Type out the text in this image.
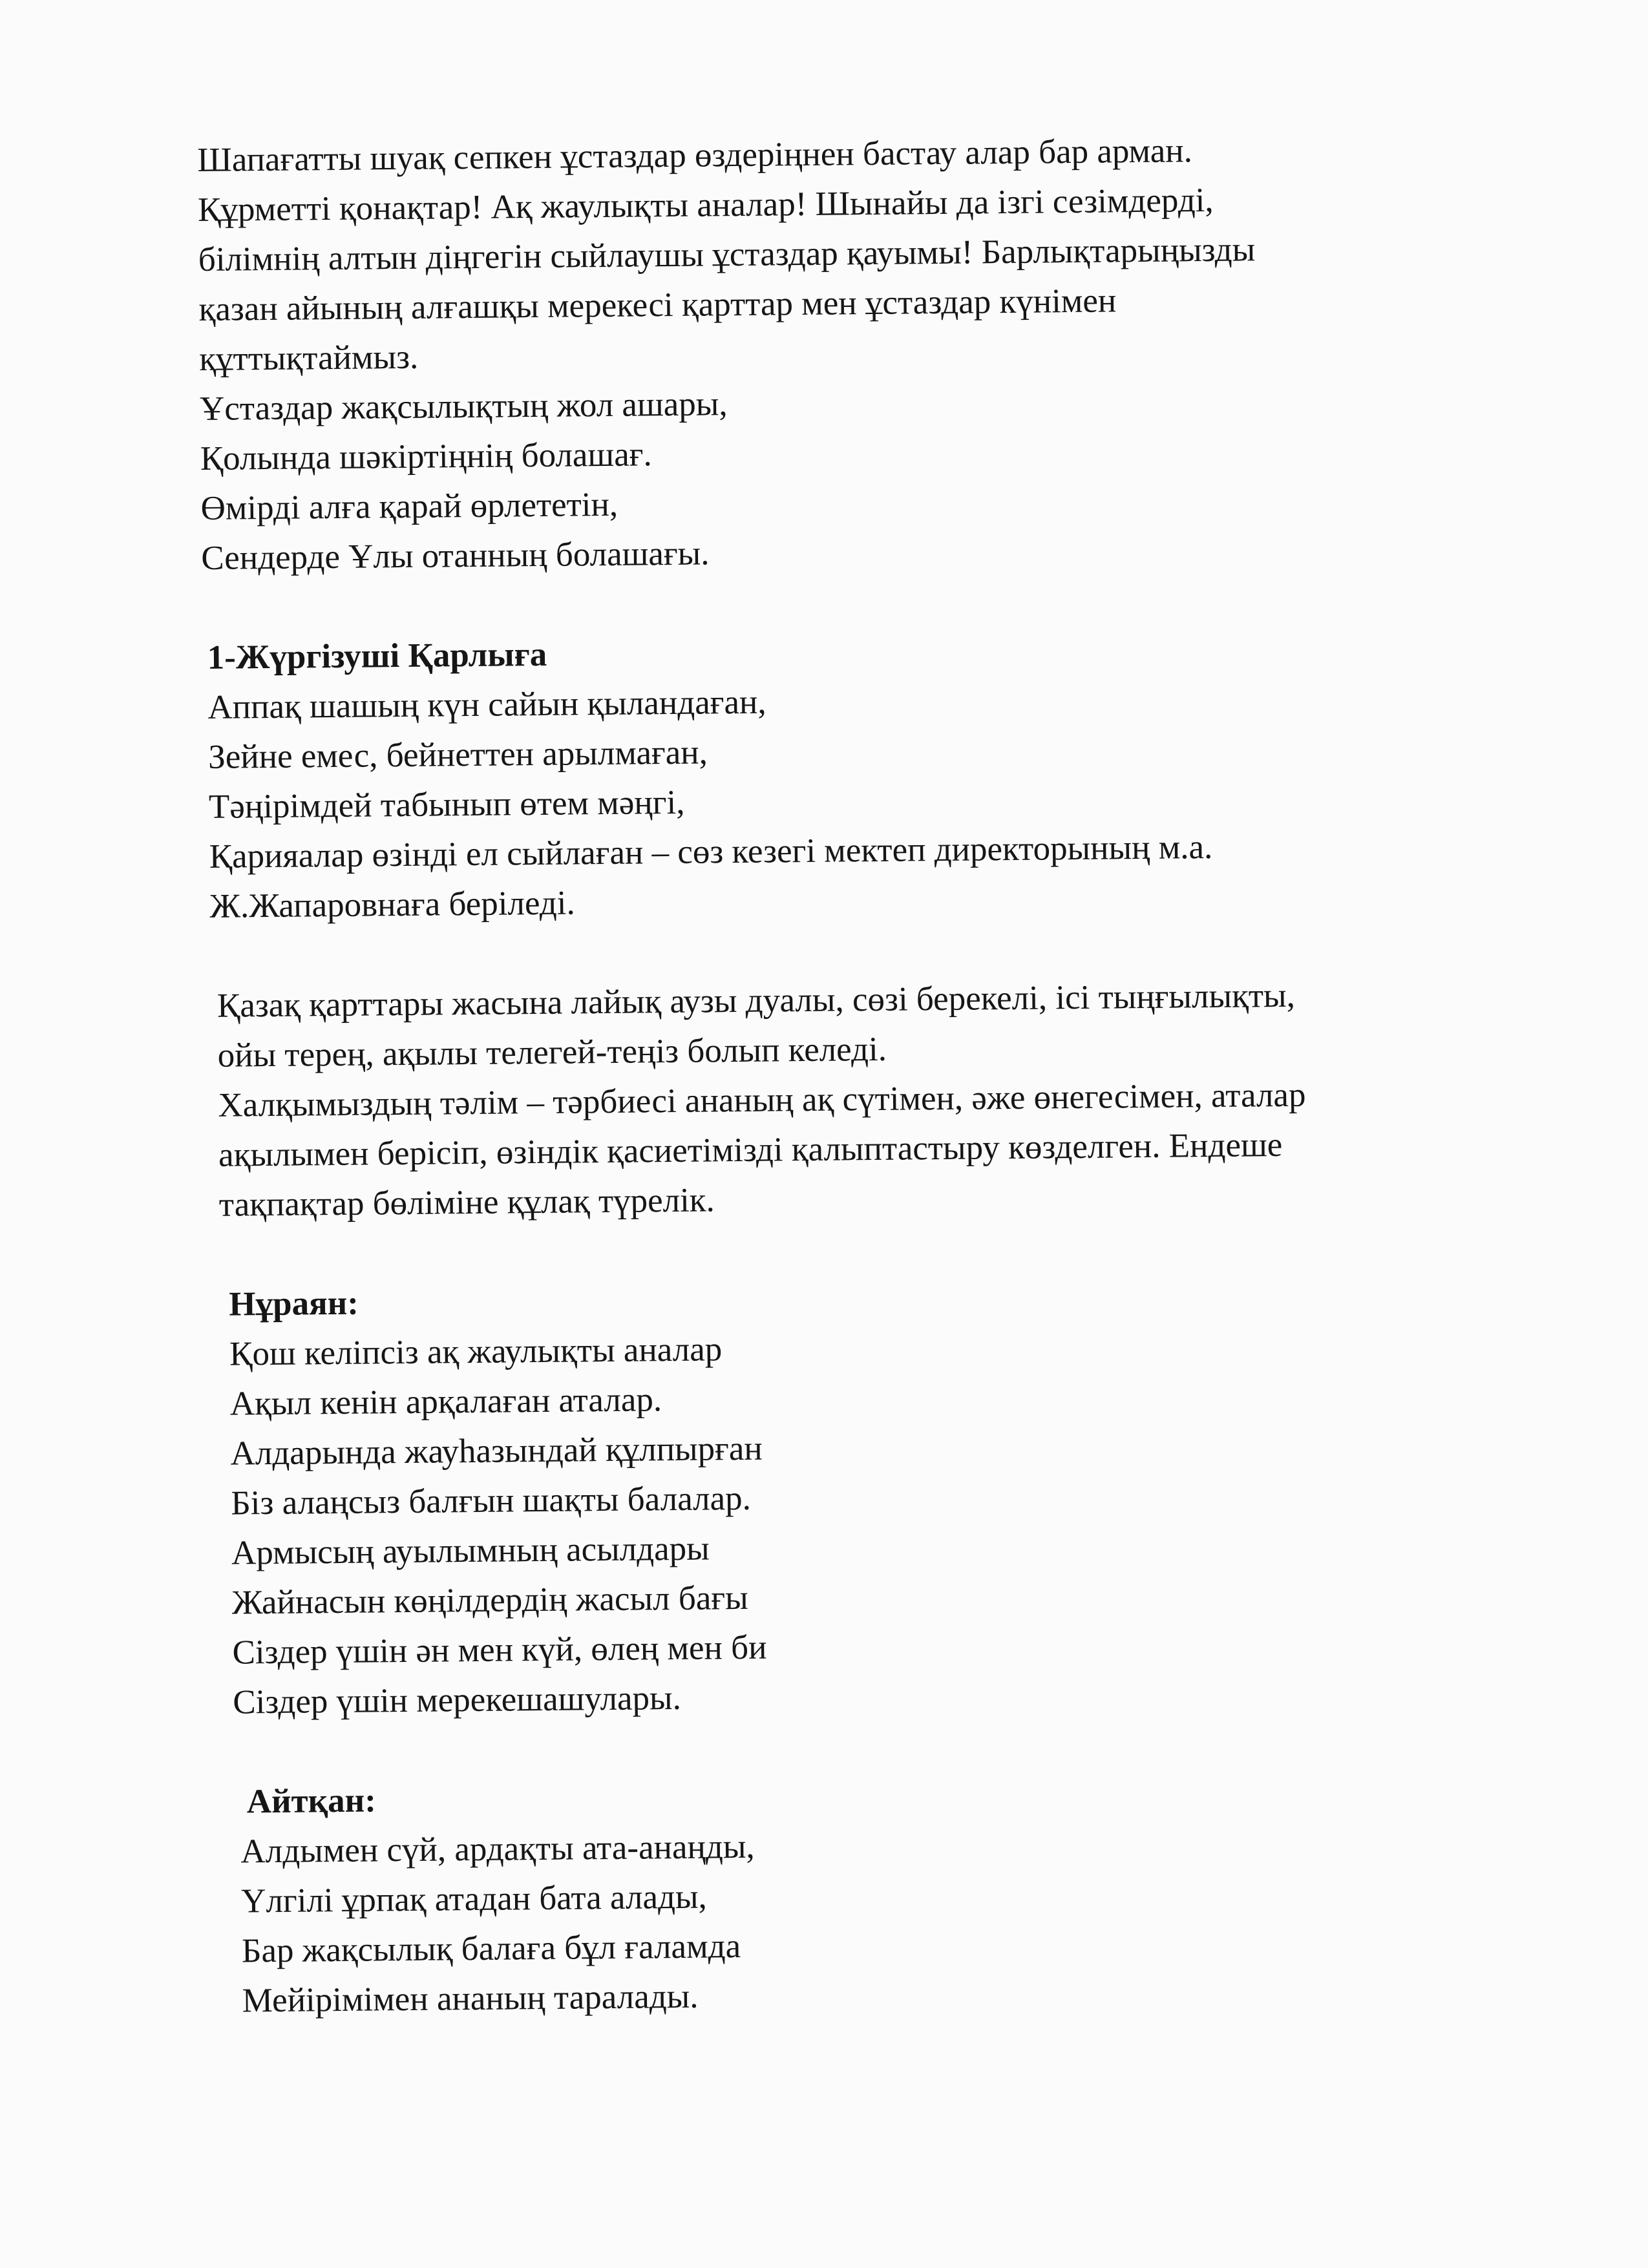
Шапағатты шуақ сепкен ұстаздар өздеріңнен бастау алар бар арман.
Құрметті қонақтар! Ақ жаулықты аналар! Шынайы да ізгі сезімдерді,
білімнің алтын діңгегін сыйлаушы ұстаздар қауымы! Барлықтарыңызды
қазан айының алғашқы мерекесі қарттар мен ұстаздар күнімен
құттықтаймыз.
Ұстаздар жақсылықтың жол ашары,
Қолында шәкіртіңнің болашағ.
Өмірді алға қарай өрлететін,
Сендерде Ұлы отанның болашағы.
1-Жүргізуші Қарлыға
Аппақ шашың күн сайын қыландаған,
Зейне емес, бейнеттен арылмаған,
Тәңірімдей табынып өтем мәңгі,
Қарияалар өзінді ел сыйлаған – сөз кезегі мектеп директорының м.а.
Ж.Жапаровнаға беріледі.
Қазақ қарттары жасына лайық аузы дуалы, сөзі берекелі, ісі тыңғылықты,
ойы терең, ақылы телегей-теңіз болып келеді.
Халқымыздың тәлім – тәрбиесі ананың ақ сүтімен, әже өнегесімен, аталар
ақылымен берісіп, өзіндік қасиетімізді қалыптастыру көзделген. Ендеше
тақпақтар бөліміне құлақ түрелік.
Нұраян:
Қош келіпсіз ақ жаулықты аналар
Ақыл кенін арқалаған аталар.
Алдарында жауһазындай құлпырған
Біз алаңсыз балғын шақты балалар.
Армысың ауылымның асылдары
Жайнасын көңілдердің жасыл бағы
Сіздер үшін ән мен күй, өлең мен би
Сіздер үшін мерекешашулары.
Айтқан:
Алдымен сүй, ардақты ата-анаңды,
Үлгілі ұрпақ атадан бата алады,
Бар жақсылық балаға бұл ғаламда
Мейірімімен ананың таралады.
